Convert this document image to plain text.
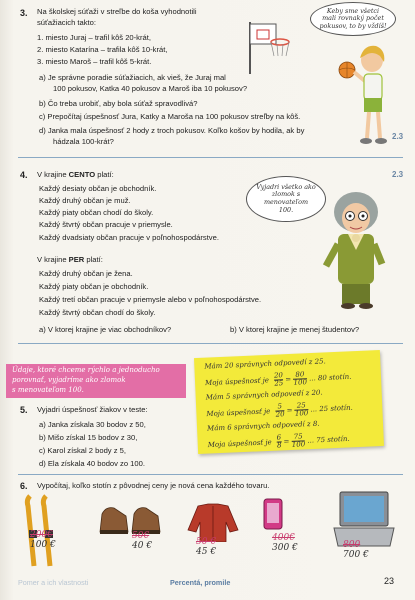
3. Na školskej súťaži v streľbe do koša vyhodnotili
súťažiacich takto:
1. miesto Juraj – trafil kôš 20-krát,
2. miesto Katarína – trafila kôš 10-krát,
3. miesto Maroš – trafil kôš 5-krát.
a) Je správne poradie súťažiacich, ak vieš, že Juraj mal
100 pokusov, Katka 40 pokusov a Maroš iba 10 pokusov?
b) Čo treba urobiť, aby bola súťaž spravodlivá?
c) Prepočítaj úspešnosť Jura, Katky a Maroša na 100 pokusov streľby na kôš.
d) Janka mala úspešnosť 2 hody z troch pokusov. Koľko košov by hodila, ak by
hádzala 100-krát?
2.3
Keby sme všetci mali rovnaký počet pokusov, to by vždíš!
4. V krajine CENTO platí:
Každý desiaty občan je obchodník.
Každý druhý občan je muž.
Každý piaty občan chodí do školy.
Každý štvrtý občan pracuje v priemysle.
Každý dvadsiaty občan pracuje v poľnohospodárstve.
V krajine PER platí:
Každý druhý občan je žena.
Každý piaty občan je obchodník.
Každý tretí občan pracuje v priemysle alebo v poľnohospodárstve.
Každý štvrtý občan chodí do školy.
a) V ktorej krajine je viac obchodníkov?	b) V ktorej krajine je menej študentov?
2.3
Vyjadri všetko ako zlomok s menovateľom 100.
Údaje, ktoré chceme rýchlo a jednoducho
porovnať, vyjadríme ako zlomok
s menovateľom 100.
Mám 20 správnych odpovedí z 25.
Moja úspešnosť je $\frac{20}{25} = \frac{80}{100}$ ... 80 stotín.
Mám 5 správnych odpovedí z 20.
Moja úspešnosť je $\frac{5}{20} = \frac{25}{100}$ ... 25 stotín.
Mám 6 správnych odpovedí z 8.
Moja úspešnosť je $\frac{6}{8} = \frac{75}{100}$ ... 75 stotín.
5. Vyjadri úspešnosť žiakov v teste:
a) Janka získala 30 bodov z 50,
b) Mišo získal 15 bodov z 30,
c) Karol získal 2 body z 5,
d) Ela získala 40 bodov zo 100.
6. Vypočítaj, koľko stotín z pôvodnej ceny je nová cena každého tovaru.
200€
100 €
50€
40 €	50 €
45 €
400€
300 €	800
700 €
Pomer a ich vlastnosti	Percentá, promile	23
